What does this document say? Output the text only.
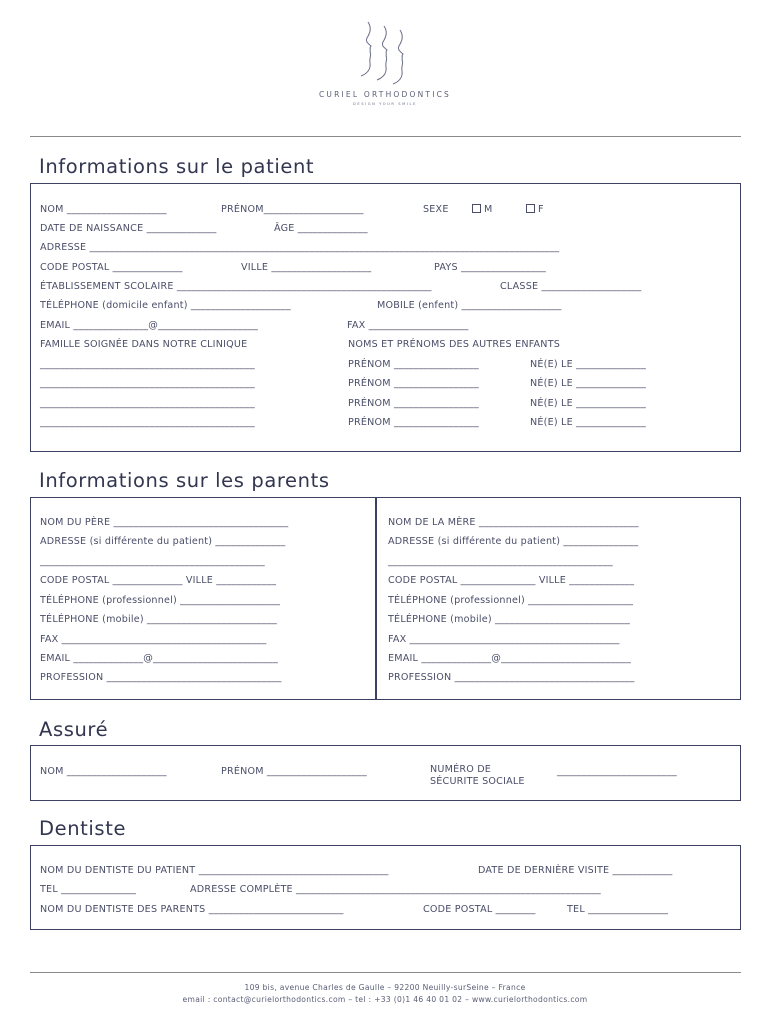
CURIEL ORTHODONTICS
DESIGN YOUR SMILE
Informations sur le patient
NOM ____________________	PRÉNOM____________________	SEXE	M	F
DATE DE NAISSANCE ______________	ÂGE ______________
ADRESSE ______________________________________________________________________________________________
CODE POSTAL ______________	VILLE ____________________	PAYS _________________
ÉTABLISSEMENT SCOLAIRE ___________________________________________________	CLASSE ____________________
TÉLÉPHONE (domicile enfant) ____________________	MOBILE (enfent) ____________________
EMAIL _______________@____________________	FAX ____________________
FAMILLE SOIGNÉE DANS NOTRE CLINIQUE	NOMS ET PRÉNOMS DES AUTRES ENFANTS
___________________________________________	PRÉNOM _________________	NÉ(E) LE ______________
___________________________________________	PRÉNOM _________________	NÉ(E) LE ______________
___________________________________________	PRÉNOM _________________	NÉ(E) LE ______________
___________________________________________	PRÉNOM _________________	NÉ(E) LE ______________
Informations sur les parents
NOM DU PÈRE ___________________________________
ADRESSE (si différente du patient) ______________
_____________________________________________
CODE POSTAL ______________ VILLE ____________
TÉLÉPHONE (professionnel) ____________________
TÉLÉPHONE (mobile) __________________________
FAX _________________________________________
EMAIL ______________@_________________________
PROFESSION ___________________________________
NOM DE LA MÈRE ________________________________
ADRESSE (si différente du patient) _______________
_____________________________________________
CODE POSTAL _______________ VILLE _____________
TÉLÉPHONE (professionnel) _____________________
TÉLÉPHONE (mobile) ___________________________
FAX __________________________________________
EMAIL ______________@__________________________
PROFESSION ____________________________________
Assuré
NOM ____________________	PRÉNOM ____________________	NUMÉRO DE
SÉCURITE SOCIALE
________________________
Dentiste
NOM DU DENTISTE DU PATIENT ______________________________________	DATE DE DERNIÈRE VISITE ____________
TEL _______________	ADRESSE COMPLÈTE _____________________________________________________________
NOM DU DENTISTE DES PARENTS ___________________________	CODE POSTAL ________	TEL ________________
109 bis, avenue Charles de Gaulle – 92200 Neuilly-surSeine – France
email : contact@curielorthodontics.com – tel : +33 (0)1 46 40 01 02 – www.curielorthodontics.com
